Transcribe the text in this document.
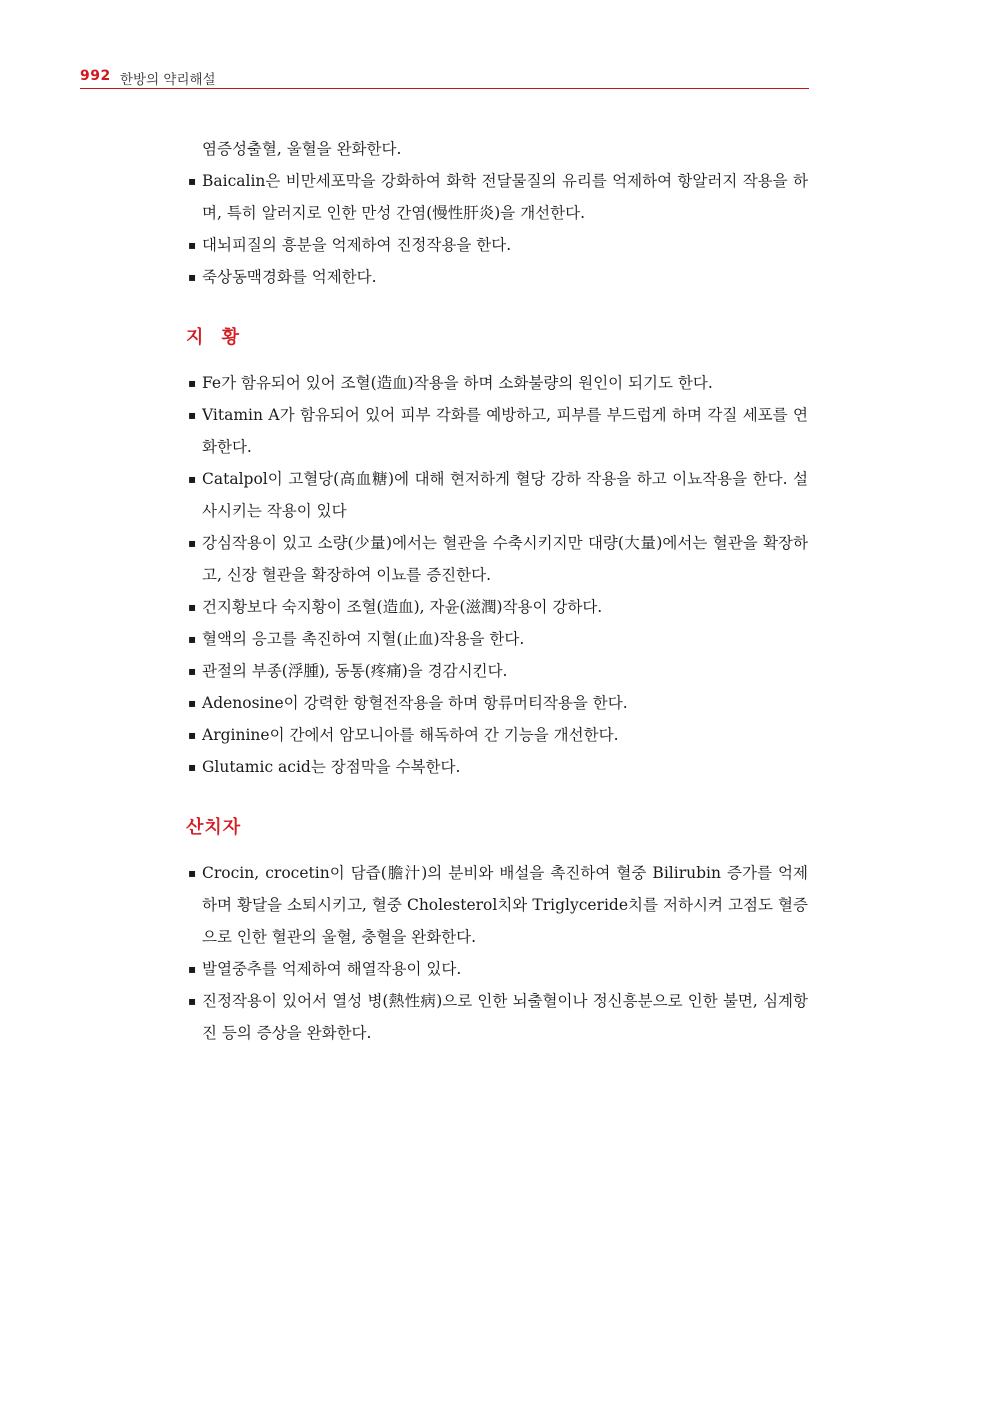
992 한방의 약리해설
염증성출혈, 울혈을 완화한다.
▪ Baicalin은 비만세포막을 강화하여 화학 전달물질의 유리를 억제하여 항알러지 작용을 하며, 특히 알러지로 인한 만성 간염(慢性肝炎)을 개선한다.
▪ 대뇌피질의 흥분을 억제하여 진정작용을 한다.
▪ 죽상동맥경화를 억제한다.
지 황
▪ Fe가 함유되어 있어 조혈(造血)작용을 하며 소화불량의 원인이 되기도 한다.
▪ Vitamin A가 함유되어 있어 피부 각화를 예방하고, 피부를 부드럽게 하며 각질 세포를 연화한다.
▪ Catalpol이 고혈당(高血糖)에 대해 현저하게 혈당 강하 작용을 하고 이뇨작용을 한다. 설사시키는 작용이 있다
▪ 강심작용이 있고 소량(少量)에서는 혈관을 수축시키지만 대량(大量)에서는 혈관을 확장하고, 신장 혈관을 확장하여 이뇨를 증진한다.
▪ 건지황보다 숙지황이 조혈(造血), 자윤(滋潤)작용이 강하다.
▪ 혈액의 응고를 촉진하여 지혈(止血)작용을 한다.
▪ 관절의 부종(浮腫), 동통(疼痛)을 경감시킨다.
▪ Adenosine이 강력한 항혈전작용을 하며 항류머티작용을 한다.
▪ Arginine이 간에서 암모니아를 해독하여 간 기능을 개선한다.
▪ Glutamic acid는 장점막을 수복한다.
산치자
▪ Crocin, crocetin이 담즙(膽汁)의 분비와 배설을 촉진하여 혈중 Bilirubin 증가를 억제하며 황달을 소퇴시키고, 혈중 Cholesterol치와 Triglyceride치를 저하시켜 고점도 혈증으로 인한 혈관의 울혈, 충혈을 완화한다.
▪ 발열중추를 억제하여 해열작용이 있다.
▪ 진정작용이 있어서 열성 병(熱性病)으로 인한 뇌출혈이나 정신흥분으로 인한 불면, 심계항진 등의 증상을 완화한다.
